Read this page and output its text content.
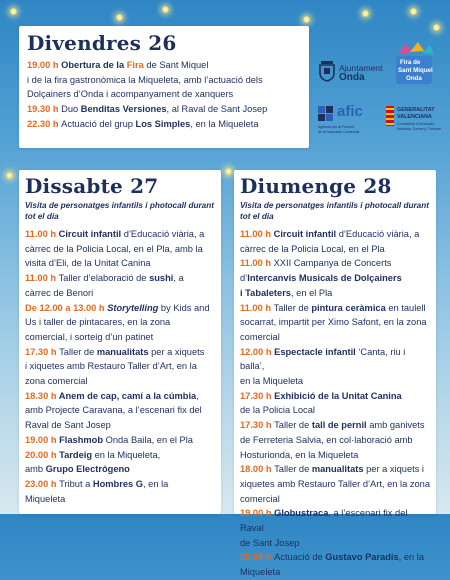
Divendres 26

19.00 h Obertura de la Fira de Sant Miquel

i de la fira gastronòmica la Miqueleta, amb l’actuació dels

Dolçainers d’Onda i acompanyament de xanquers

19.30 h Duo Benditas Versiones, al Raval de Sant Josep

22.30 h Actuació del grup Los Simples, en la Miqueleta

Ajuntament
Onda
Fira de
Sant Miquel
Onda
afic
Agència per al Foment
de la Innovació Comercial
GENERALITAT
VALENCIANA
Conselleria d’Innovació,
Indústria, Comerç i Turisme
Dissabte 27

Visita de personatges infantils i photocall durant
tot el dia

11.00 h Circuit infantil d’Educació viària, a

càrrec de la Policia Local, en el Pla, amb la

visita d’Eli, de la Unitat Canina

11.00 h Taller d’elaboració de sushi, a

càrrec de Benori

De 12.00 a 13.00 h Storytelling by Kids and

Us i taller de pintacares, en la zona

comercial, i sorteig d’un patinet

17.30 h Taller de manualitats per a xiquets

i xiquetes amb Restauro Taller d’Art, en la

zona comercial

18.30 h Anem de cap, camí a la cúmbia,

amb Projecte Caravana, a l’escenari fix del

Raval de Sant Josep

19.00 h Flashmob Onda Baila, en el Pla

20.00 h Tardeig en la Miqueleta,

amb Grupo Electrógeno

23.00 h Tribut a Hombres G, en la

Miqueleta

Diumenge 28

Visita de personatges infantils i photocall durant
tot el dia

11.00 h Circuit infantil d’Educació viària, a

càrrec de la Policia Local, en el Pla

11.00 h XXII Campanya de Concerts

d’Intercanvis Musicals de Dolçainers

i Tabaleters, en el Pla

11.00 h Taller de pintura ceràmica en taulell

socarrat, impartit per Ximo Safont, en la zona

comercial

12.00 h Espectacle infantil ‘Canta, riu i balla’,

en la Miqueleta

17.30 h Exhibició de la Unitat Canina

de la Policia Local

17.30 h Taller de tall de pernil amb ganivets

de Ferreteria Salvia, en col·laboració amb

Hosturionda, en la Miqueleta

18.00 h Taller de manualitats per a xiquets i

xiquetes amb Restauro Taller d’Art, en la zona

comercial

19.00 h Globustraca, a l’escenari fix del Raval

de Sant Josep

20.00 h Actuació de Gustavo Paradís, en la

Miqueleta
